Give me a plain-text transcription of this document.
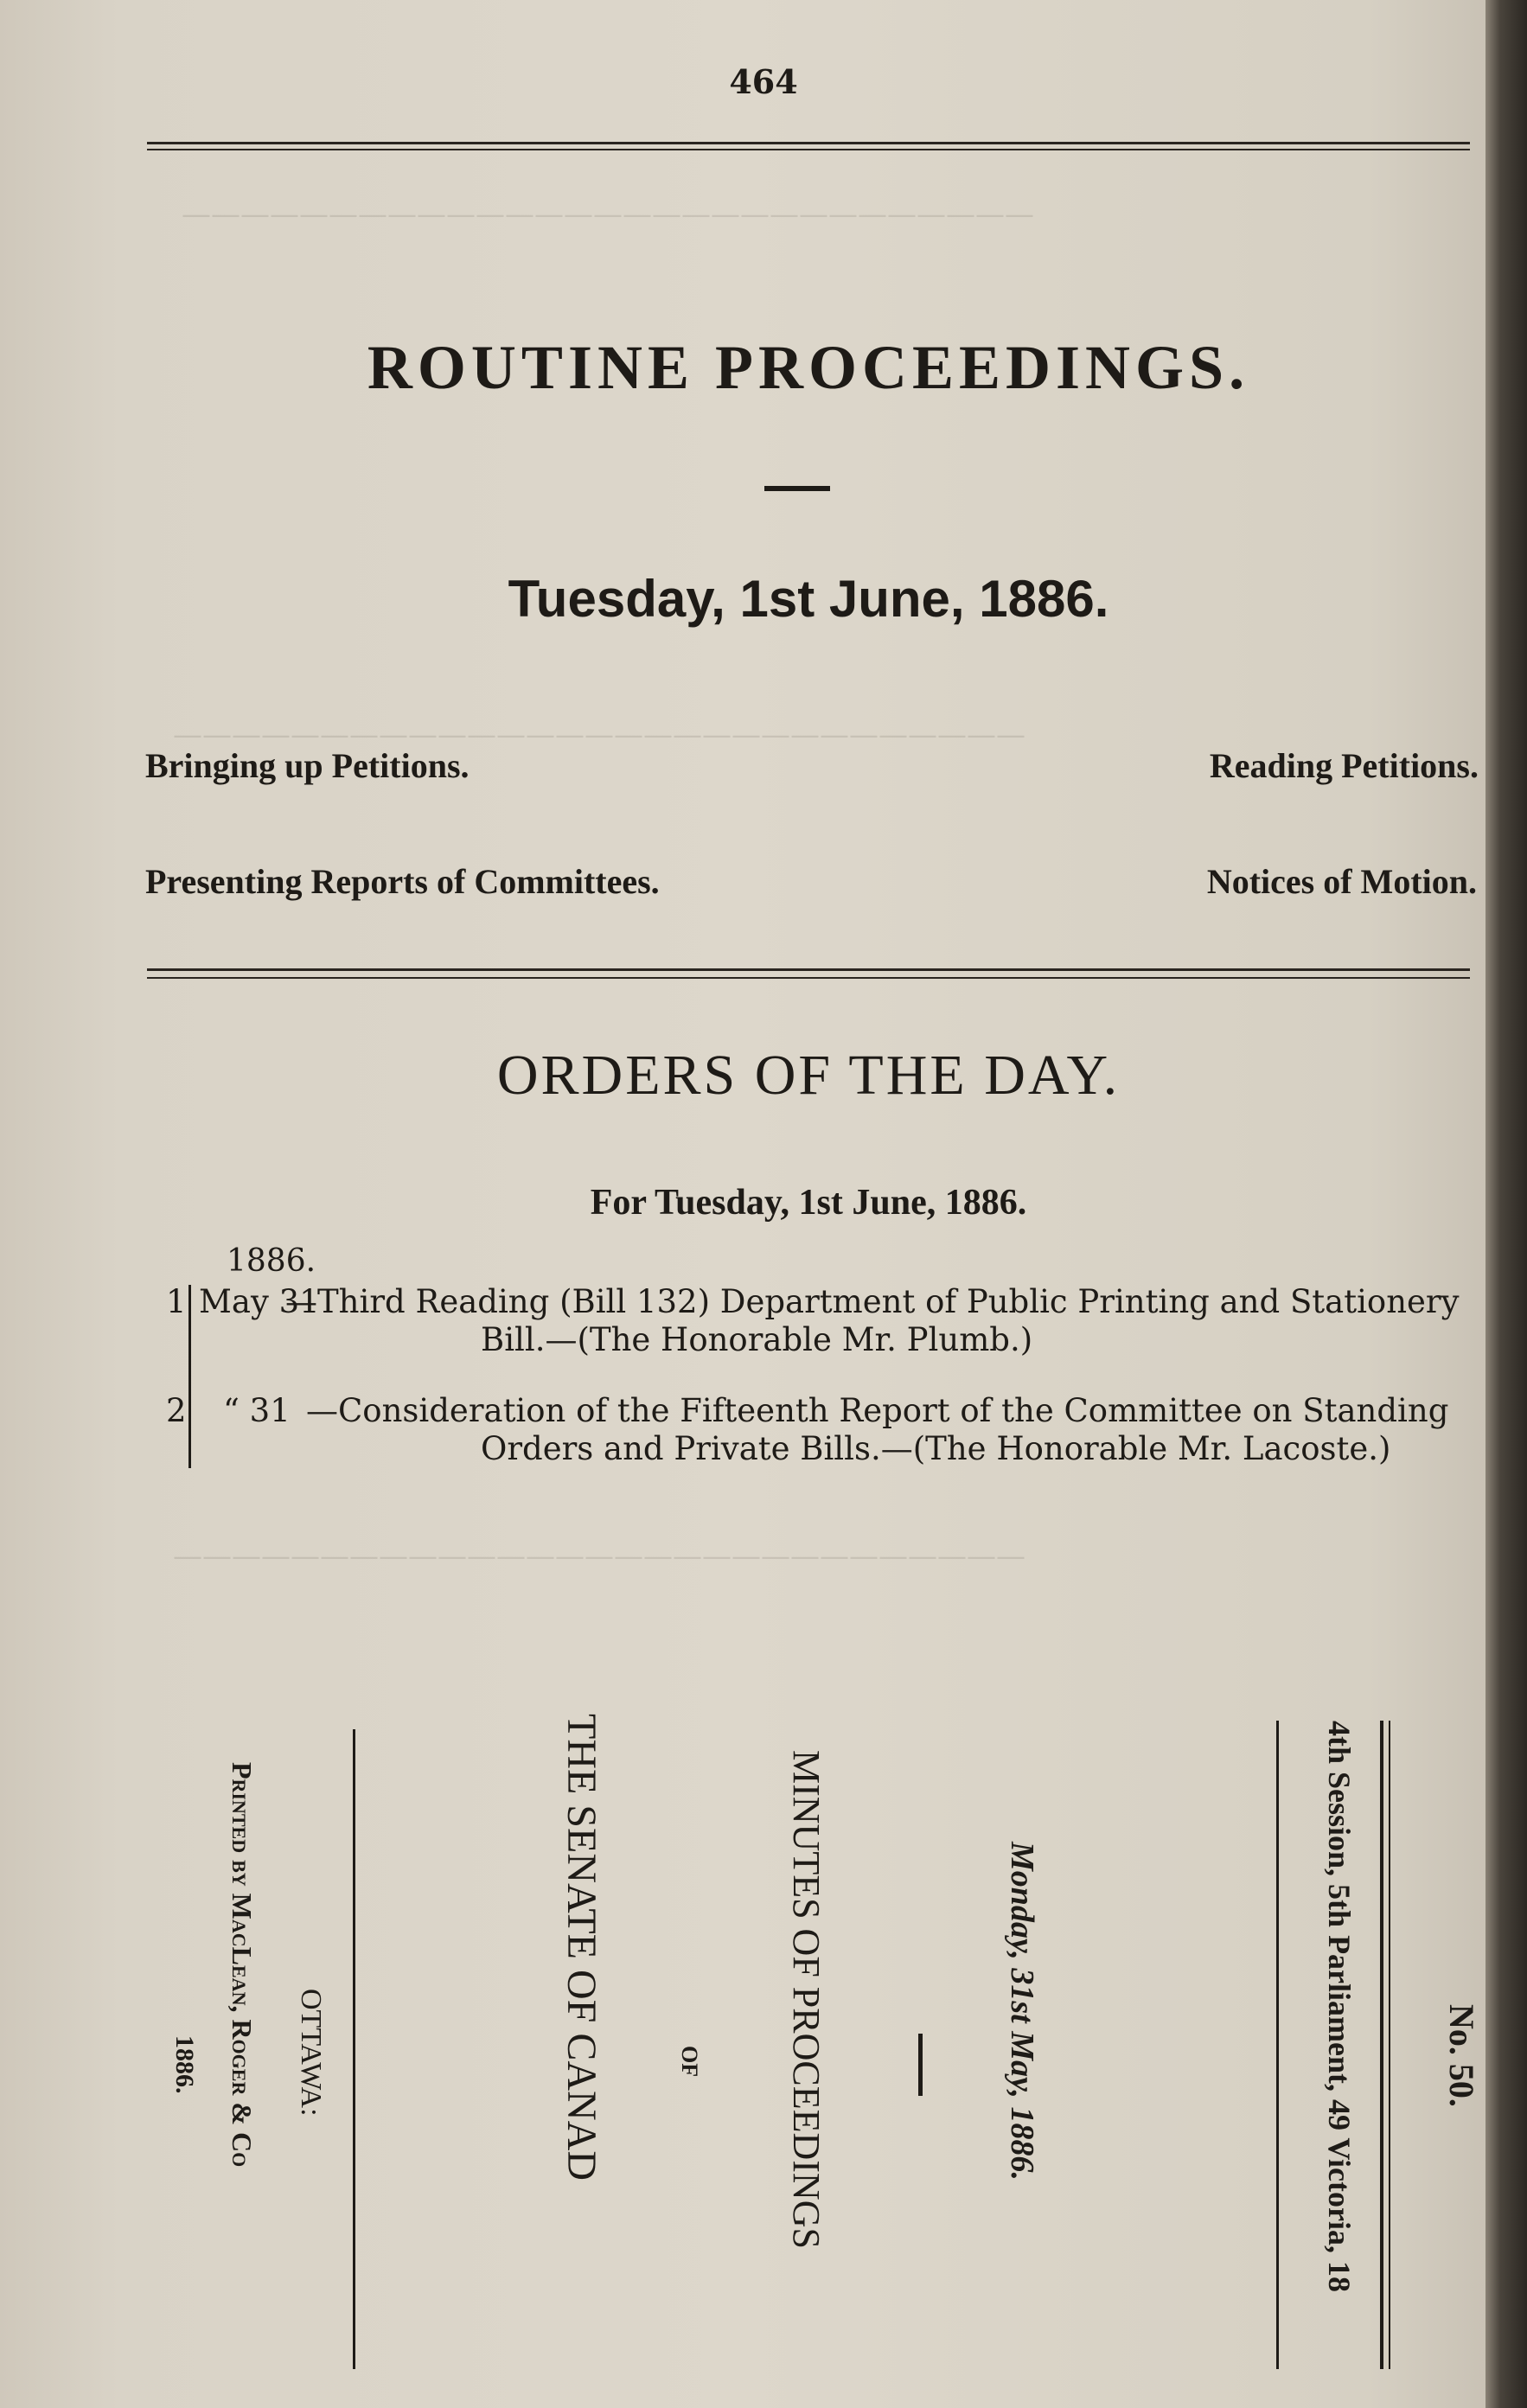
—————————————————————————————
—————————————————————————————
—————————————————————————————
464
ROUTINE PROCEEDINGS.
Tuesday, 1st June, 1886.
Bringing up Petitions.	Reading Petitions.
Presenting Reports of Committees.	Notices of Motion.
ORDERS OF THE DAY.
For Tuesday, 1st June, 1886.
1886.
1 May 31
—Third Reading (Bill 132) Department of Public Printing and Stationery
Bill.—(The Honorable Mr. Plumb.)
2 “ 31 —Consideration of the Fifteenth Report of the Committee on Standing
Orders and Private Bills.—(The Honorable Mr. Lacoste.)
No. 50.
4th Session, 5th Parliament, 49 Victoria, 18
Monday, 31st May, 1886.
MINUTES OF PROCEEDINGS
OF
THE SENATE OF CANAD
OTTAWA:
Printed by MacLean, Roger & Co
1886.
